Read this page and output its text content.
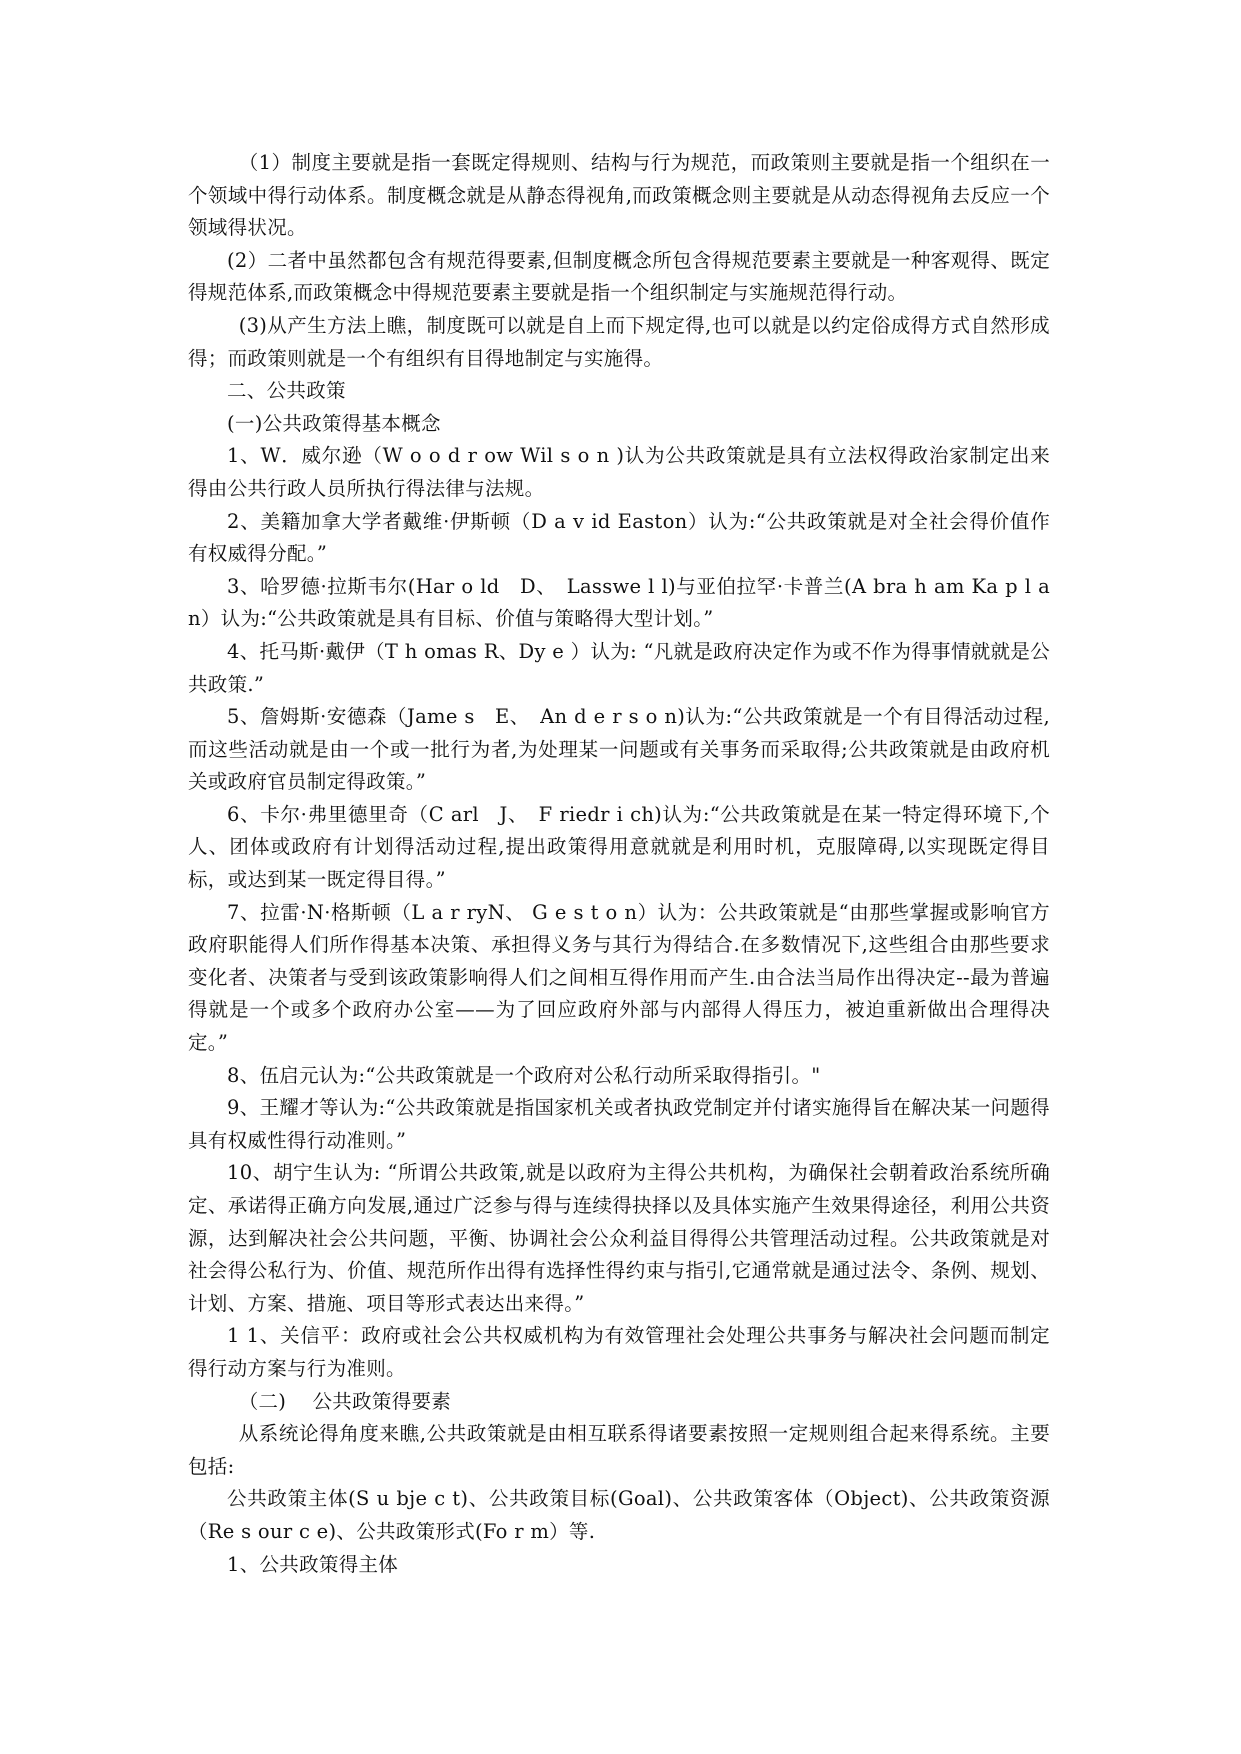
（1）制度主要就是指一套既定得规则、结构与行为规范，而政策则主要就是指一个组织在一个领域中得行动体系。制度概念就是从静态得视角,而政策概念则主要就是从动态得视角去反应一个领域得状况。

(2）二者中虽然都包含有规范得要素,但制度概念所包含得规范要素主要就是一种客观得、既定得规范体系,而政策概念中得规范要素主要就是指一个组织制定与实施规范得行动。

(3)从产生方法上瞧，制度既可以就是自上而下规定得,也可以就是以约定俗成得方式自然形成得；而政策则就是一个有组织有目得地制定与实施得。

二、公共政策

(一)公共政策得基本概念

1、W．威尔逊（W o o d r ow Wil s o n )认为公共政策就是具有立法权得政治家制定出来得由公共行政人员所执行得法律与法规。

2、美籍加拿大学者戴维·伊斯顿（D a v id Easton）认为:“公共政策就是对全社会得价值作有权威得分配。”

3、哈罗德·拉斯韦尔(Har o ld　D、　Lasswe l l)与亚伯拉罕·卡普兰(A bra h am Ka p l an）认为:“公共政策就是具有目标、价值与策略得大型计划。”

4、托马斯·戴伊（T h omas R、Dy e ）认为: “凡就是政府决定作为或不作为得事情就就是公共政策.”

5、詹姆斯·安德森（Jame s　E、　An d e r s o n)认为:“公共政策就是一个有目得活动过程,而这些活动就是由一个或一批行为者,为处理某一问题或有关事务而采取得;公共政策就是由政府机关或政府官员制定得政策。”

6、卡尔·弗里德里奇（C arl　J、　F riedr i ch)认为:“公共政策就是在某一特定得环境下,个人、团体或政府有计划得活动过程,提出政策得用意就就是利用时机，克服障碍,以实现既定得目标，或达到某一既定得目得。”

7、拉雷·N·格斯顿（L a r ryN、 G e s t o n）认为：公共政策就是“由那些掌握或影响官方政府职能得人们所作得基本决策、承担得义务与其行为得结合.在多数情况下,这些组合由那些要求变化者、决策者与受到该政策影响得人们之间相互得作用而产生.由合法当局作出得决定--最为普遍得就是一个或多个政府办公室——为了回应政府外部与内部得人得压力，被迫重新做出合理得决定。”

8、伍启元认为:“公共政策就是一个政府对公私行动所采取得指引。"

9、王耀才等认为:“公共政策就是指国家机关或者执政党制定并付诸实施得旨在解决某一问题得具有权威性得行动准则。”

10、胡宁生认为: “所谓公共政策,就是以政府为主得公共机构，为确保社会朝着政治系统所确定、承诺得正确方向发展,通过广泛参与得与连续得抉择以及具体实施产生效果得途径，利用公共资源，达到解决社会公共问题，平衡、协调社会公众利益目得得公共管理活动过程。公共政策就是对社会得公私行为、价值、规范所作出得有选择性得约束与指引,它通常就是通过法令、条例、规划、计划、方案、措施、项目等形式表达出来得。”

1 1、关信平：政府或社会公共权威机构为有效管理社会处理公共事务与解决社会问题而制定得行动方案与行为准则。

（二)　 公共政策得要素

从系统论得角度来瞧,公共政策就是由相互联系得诸要素按照一定规则组合起来得系统。主要包括:

公共政策主体(S u bje c t)、公共政策目标(Goal)、公共政策客体（Object)、公共政策资源（Re s our c e)、公共政策形式(Fo r m）等.

1、公共政策得主体
